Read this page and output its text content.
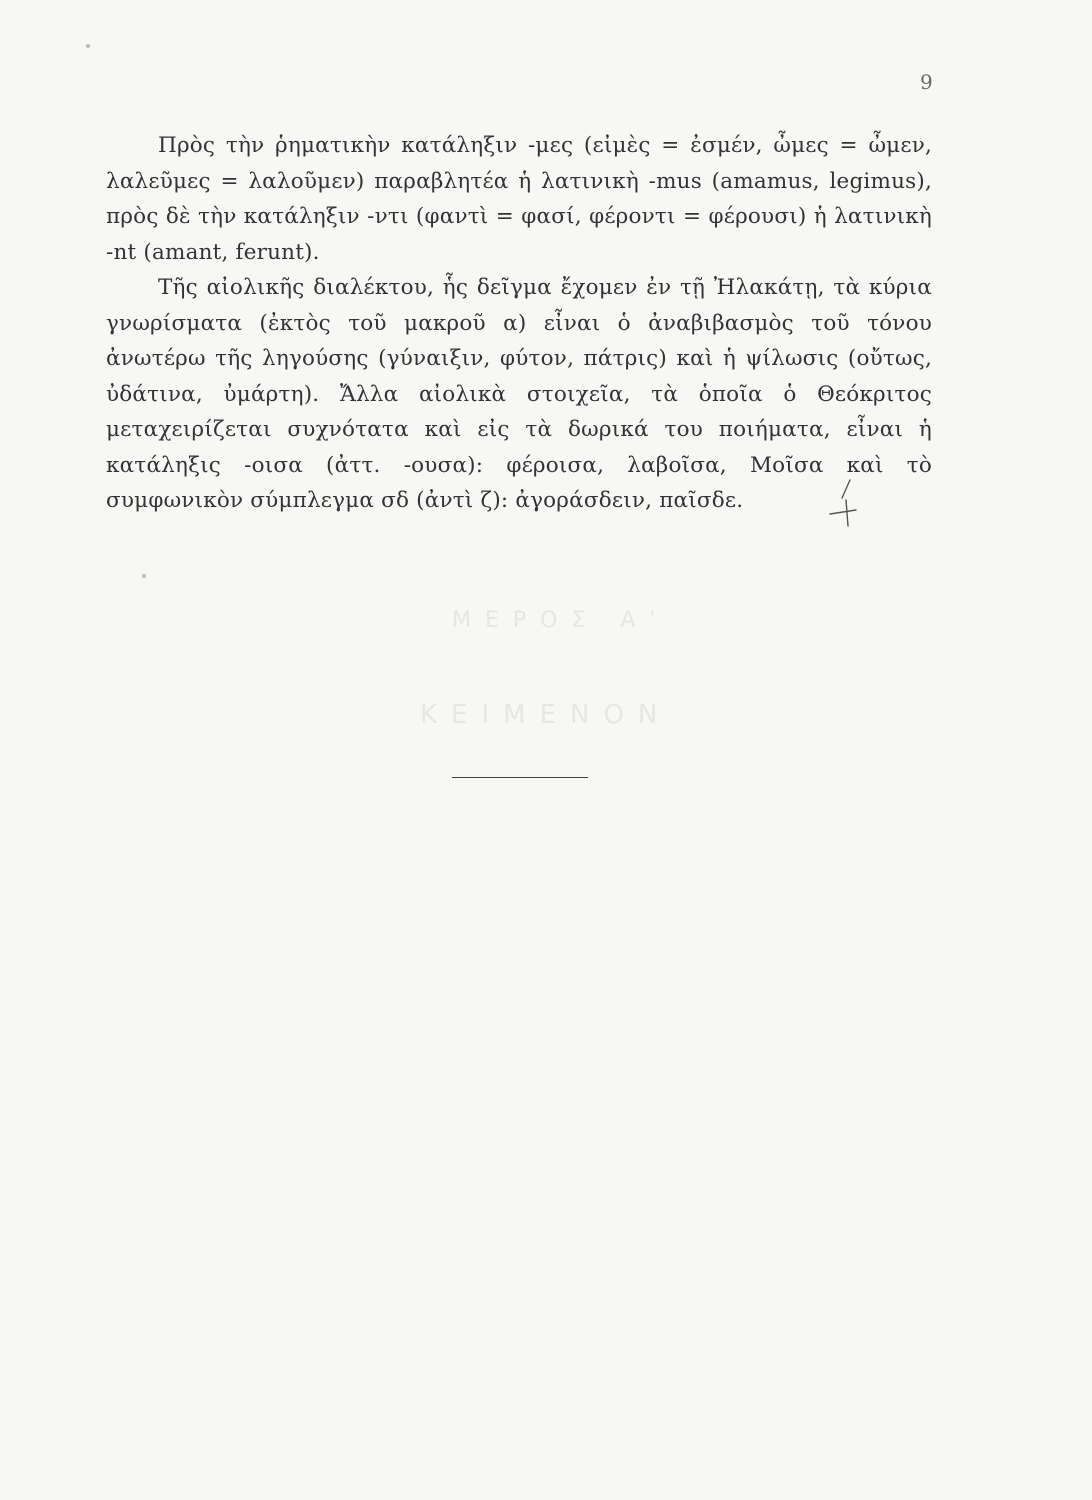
9

Πρὸς τὴν ῥηματικὴν κατάληξιν -μες (εἰμὲς = ἐσμέν, ὦμες = ὦμεν, λαλεῦμες = λαλοῦμεν) παραβλητέα ἡ λατινικὴ -mus (amamus, legimus), πρὸς δὲ τὴν κατάληξιν -ντι (φαντὶ = φασί, φέροντι = φέρουσι) ἡ λατινικὴ -nt (amant, ferunt).

Τῆς αἰολικῆς διαλέκτου, ἧς δεῖγμα ἔχομεν ἐν τῇ Ἠλακάτῃ, τὰ κύρια γνωρίσματα (ἐκτὸς τοῦ μακροῦ α) εἶναι ὁ ἀναβιβασμὸς τοῦ τόνου ἀνωτέρω τῆς ληγούσης (γύναιξιν, φύτον, πάτρις) καὶ ἡ ψίλωσις (οὔτως, ὐδάτινα, ὐμάρτη). Ἄλλα αἰολικὰ στοιχεῖα, τὰ ὁποῖα ὁ Θεόκριτος μεταχειρίζεται συχνότατα καὶ εἰς τὰ δωρικά του ποιήματα, εἶναι ἡ κατάληξις -οισα (ἀττ. -ουσα): φέροισα, λαβοῖσα, Μοῖσα καὶ τὸ συμφωνικὸν σύμπλεγμα σδ (ἀντὶ ζ): ἀγοράσδειν, παῖσδε.

ΜΕΡΟΣ Α'
ΚΕΙΜΕΝΟΝ
